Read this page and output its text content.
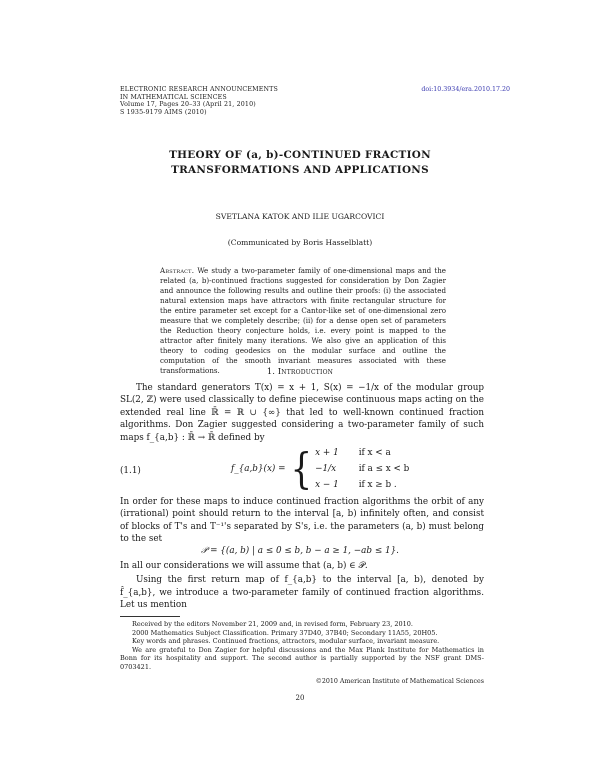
ELECTRONIC RESEARCH ANNOUNCEMENTS
IN MATHEMATICAL SCIENCES
Volume 17, Pages 20–33 (April 21, 2010)
S 1935-9179 AIMS (2010)
doi:10.3934/era.2010.17.20
THEORY OF (a, b)-CONTINUED FRACTION
TRANSFORMATIONS AND APPLICATIONS
SVETLANA KATOK AND ILIE UGARCOVICI
(Communicated by Boris Hasselblatt)
Abstract. We study a two-parameter family of one-dimensional maps and the related (a, b)-continued fractions suggested for consideration by Don Zagier and announce the following results and outline their proofs: (i) the associated natural extension maps have attractors with finite rectangular structure for the entire parameter set except for a Cantor-like set of one-dimensional zero measure that we completely describe; (ii) for a dense open set of parameters the Reduction theory conjecture holds, i.e. every point is mapped to the attractor after finitely many iterations. We also give an application of this theory to coding geodesics on the modular surface and outline the computation of the smooth invariant measures associated with these transformations.	1. Introduction

The standard generators T(x) = x + 1, S(x) = −1/x of the modular group SL(2, ℤ) were used classically to define piecewise continuous maps acting on the extended real line ℝ̄ = ℝ ∪ {∞} that led to well-known continued fraction algorithms. Don Zagier suggested considering a two-parameter family of such maps f_{a,b} : ℝ̄ → ℝ̄ defined by

(1.1)	f_{a,b}(x) =	{	x + 1	if x < a
		−1/x	if a ≤ x < b
		x − 1	if x ≥ b .

In order for these maps to induce continued fraction algorithms the orbit of any (irrational) point should return to the interval [a, b) infinitely often, and consist of blocks of T's and T⁻¹'s separated by S's, i.e. the parameters (a, b) must belong to the set

𝒫 = {(a, b) | a ≤ 0 ≤ b, b − a ≥ 1, −ab ≤ 1}.

In all our considerations we will assume that (a, b) ∈ 𝒫.

Using the first return map of f_{a,b} to the interval [a, b), denoted by f̂_{a,b}, we introduce a two-parameter family of continued fraction algorithms. Let us mention

Received by the editors November 21, 2009 and, in revised form, February 23, 2010.

2000 Mathematics Subject Classification. Primary 37D40, 37B40; Secondary 11A55, 20H05.

Key words and phrases. Continued fractions, attractors, modular surface, invariant measure.

We are grateful to Don Zagier for helpful discussions and the Max Plank Institute for Mathematics in Bonn for its hospitality and support. The second author is partially supported by the NSF grant DMS-0703421.

©2010 American Institute of Mathematical Sciences
20
